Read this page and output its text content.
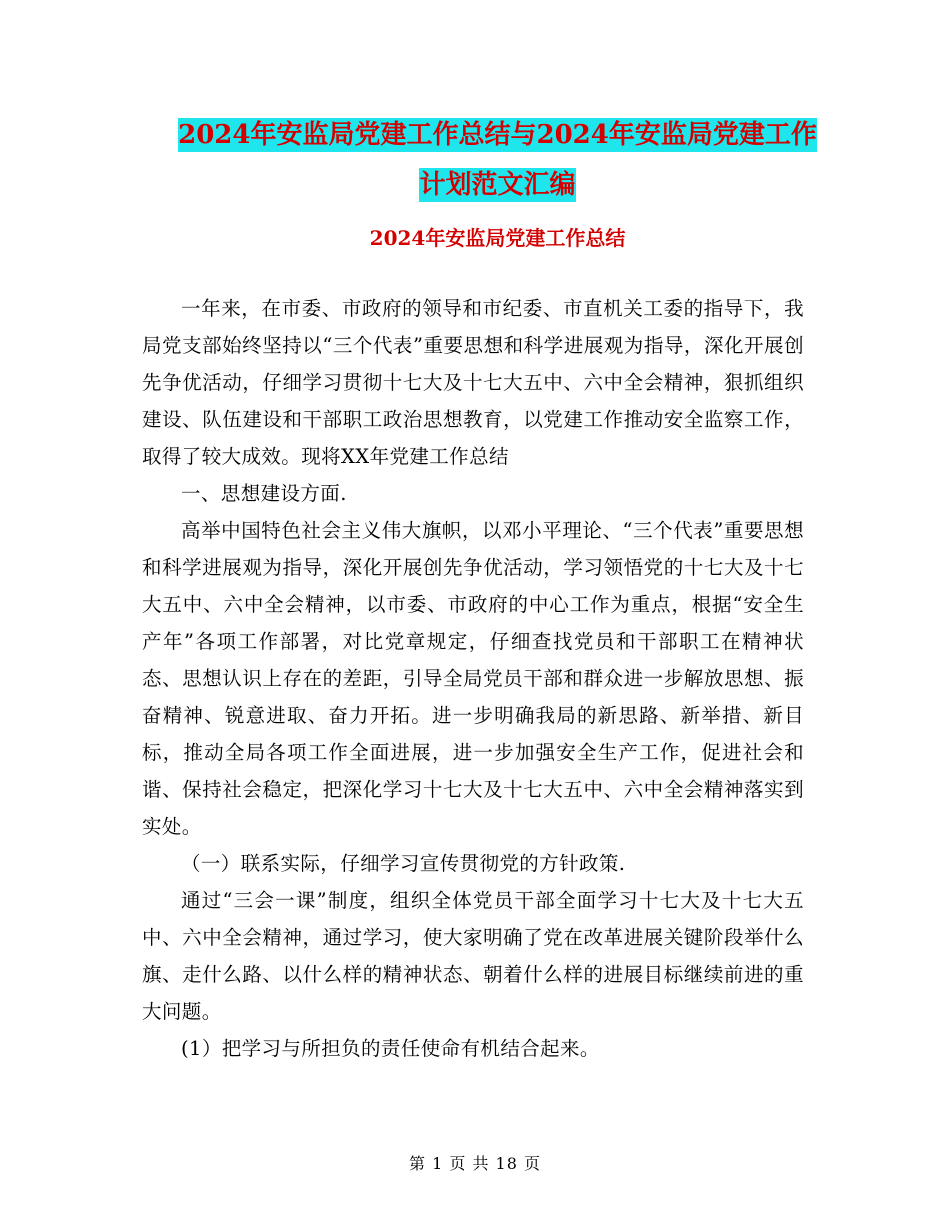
2024年安监局党建工作总结与2024年安监局党建工作
计划范文汇编
2024年安监局党建工作总结

一年来，在市委、市政府的领导和市纪委、市直机关工委的指导下，我局党支部始终坚持以“三个代表”重要思想和科学进展观为指导，深化开展创先争优活动，仔细学习贯彻十七大及十七大五中、六中全会精神，狠抓组织建设、队伍建设和干部职工政治思想教育，以党建工作推动安全监察工作，取得了较大成效。现将XX年党建工作总结

一、思想建设方面.

高举中国特色社会主义伟大旗帜，以邓小平理论、“三个代表”重要思想和科学进展观为指导，深化开展创先争优活动，学习领悟党的十七大及十七大五中、六中全会精神，以市委、市政府的中心工作为重点，根据“安全生产年”各项工作部署，对比党章规定，仔细查找党员和干部职工在精神状态、思想认识上存在的差距，引导全局党员干部和群众进一步解放思想、振奋精神、锐意进取、奋力开拓。进一步明确我局的新思路、新举措、新目标，推动全局各项工作全面进展，进一步加强安全生产工作，促进社会和谐、保持社会稳定，把深化学习十七大及十七大五中、六中全会精神落实到实处。

（一）联系实际，仔细学习宣传贯彻党的方针政策.

通过“三会一课”制度，组织全体党员干部全面学习十七大及十七大五中、六中全会精神，通过学习，使大家明确了党在改革进展关键阶段举什么旗、走什么路、以什么样的精神状态、朝着什么样的进展目标继续前进的重大问题。

(1）把学习与所担负的责任使命有机结合起来。

第 1 页 共 18 页
